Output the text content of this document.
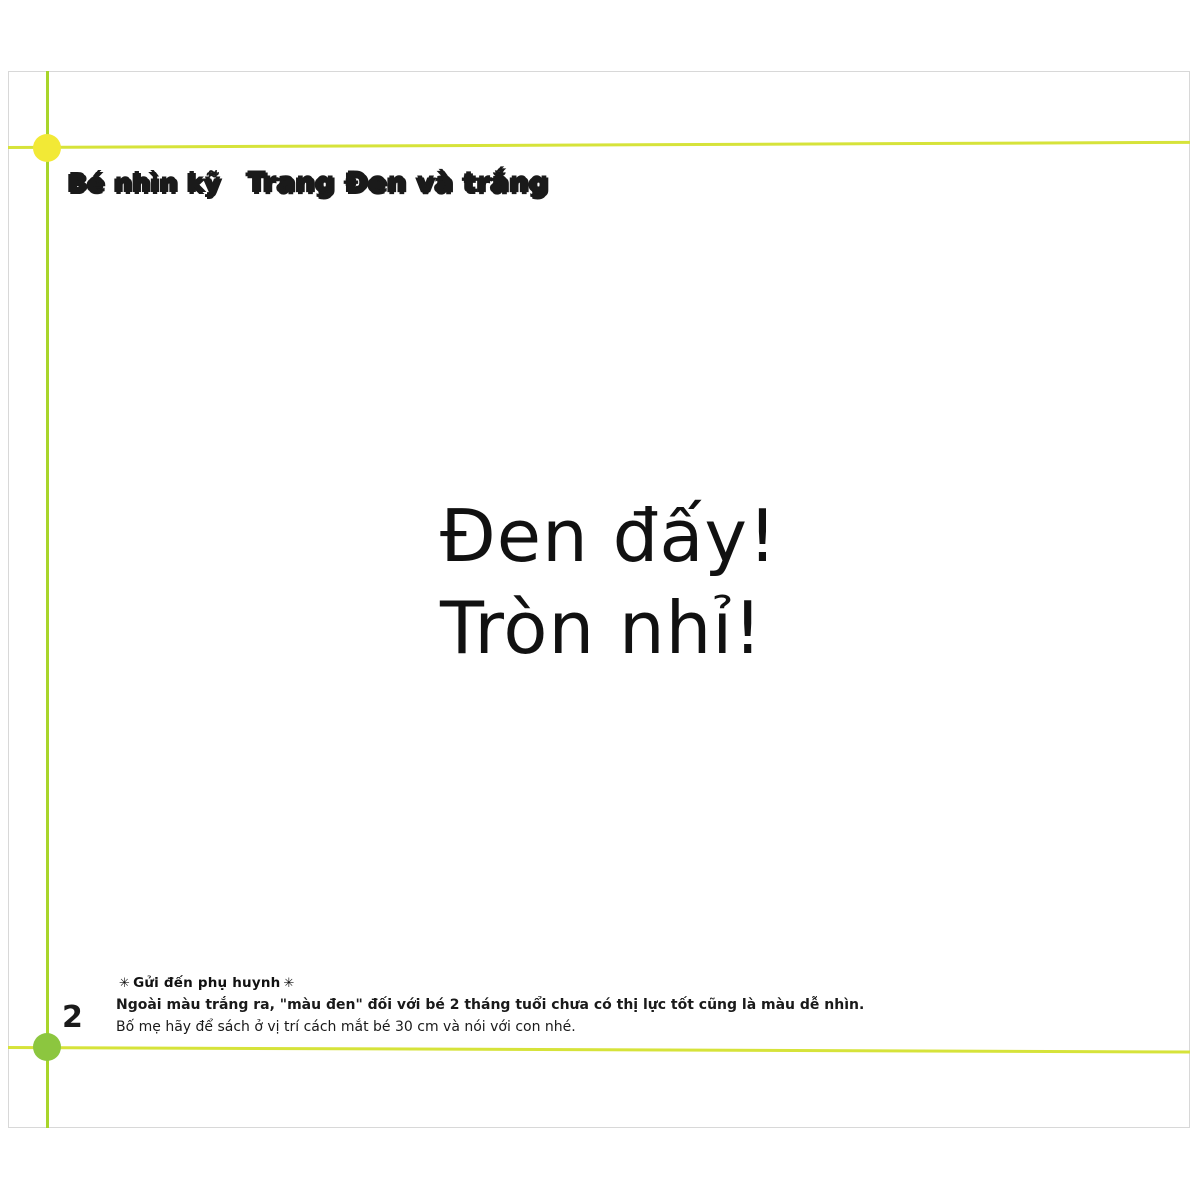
Bé nhìn kỹ Trang Đen và trắng
Đen đấy!
Tròn nhỉ!
2
✳ Gửi đến phụ huynh ✳
Ngoài màu trắng ra, "màu đen" đối với bé 2 tháng tuổi chưa có thị lực tốt cũng là màu dễ nhìn.
Bố mẹ hãy để sách ở vị trí cách mắt bé 30 cm và nói với con nhé.
